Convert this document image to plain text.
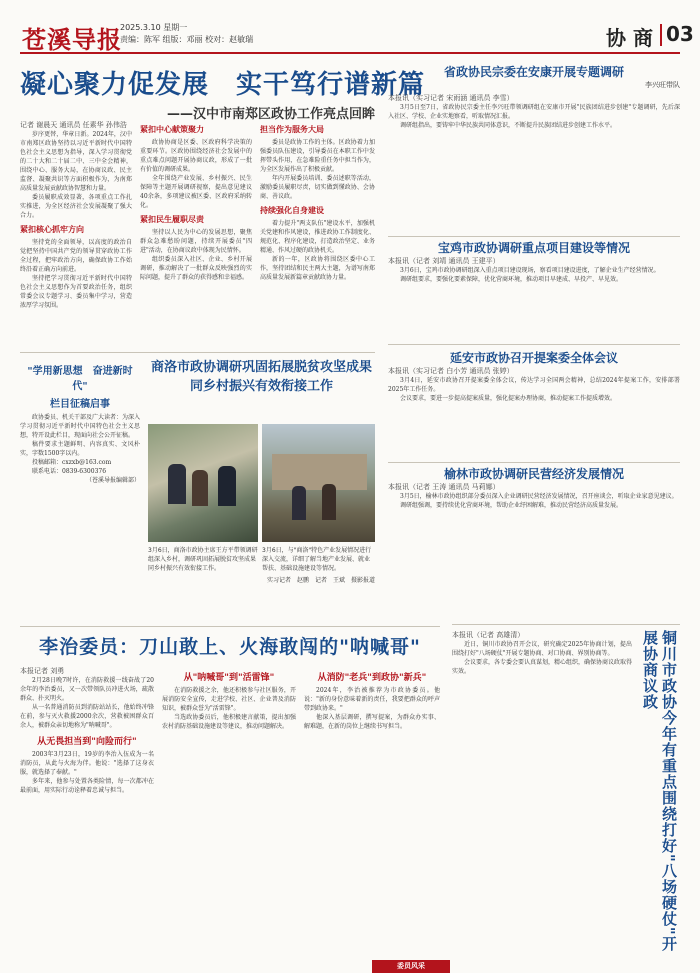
苍溪导报
2025.3.10 星期一
责编：陈军 组版：邓丽 校对：赵敏瑞	协 商 03
凝心聚力促发展　实干笃行谱新篇
——汉中市南郑区政协工作亮点回眸
记者 谢晨天 通讯员 任素华 孙伟浩

岁序更替，华章日新。2024年，汉中市南郑区政协坚持以习近平新时代中国特色社会主义思想为指导，深入学习贯彻党的二十大和二十届二中、三中全会精神，围绕中心、服务大局，在协商议政、民主监督、凝聚共识等方面积极作为，为南郑高质量发展贡献政协智慧和力量。

委员履职成效显著，各项重点工作扎实推进，为全区经济社会发展凝聚了强大合力。

紧扣核心抓牢方向

坚持党的全面领导，以高度的政治自觉把坚持中国共产党的领导贯穿政协工作全过程，把牢政治方向，确保政协工作始终沿着正确方向前进。

坚持把学习贯彻习近平新时代中国特色社会主义思想作为首要政治任务，组织常委会议专题学习、委员集中学习，营造浓厚学习氛围。

紧扣中心献策聚力

政协协商是区委、区政府科学决策的重要环节。区政协围绕经济社会发展中的重点难点问题开展协商议政，形成了一批有价值的调研成果。

全年围绕产业发展、乡村振兴、民生保障等主题开展调研视察，提出意见建议40余条，多项建议被区委、区政府采纳转化。

紧扣民生履职尽责

坚持以人民为中心的发展思想，聚焦群众急难愁盼问题，持续开展委员"四进"活动，在协商议政中体现为民情怀。

组织委员深入社区、企业、乡村开展调研，推动解决了一批群众反映强烈的实际问题，提升了群众的获得感和幸福感。

担当作为服务大局

委员是政协工作的主体。区政协着力加强委员队伍建设，引导委员在本职工作中发挥带头作用，在急难险重任务中担当作为，为全区发展作出了积极贡献。

年内开展委员培训、委员述职等活动，激励委员履职尽责，切实做到懂政协、会协商、善议政。

持续强化自身建设

着力提升"两支队伍"建设水平，加强机关党建和作风建设，推进政协工作制度化、规范化、程序化建设，打造政治坚定、业务精通、作风过硬的政协机关。

新的一年，区政协将围绕区委中心工作，坚持团结和民主两大主题，为谱写南郑高质量发展新篇章贡献政协力量。

"学用新思想　奋进新时代"
栏目征稿启事

政协委员、机关干部及广大读者：为深入学习贯彻习近平新时代中国特色社会主义思想，特开设此栏目，现面向社会公开征稿。

稿件要求主题鲜明、内容真实、文风朴实，字数1500字以内。

投稿邮箱：cxzxb@163.com

联系电话：0839-6300376

（苍溪导报编辑部）

商洛市政协调研巩固拓展脱贫攻坚成果
同乡村振兴有效衔接工作

3月6日，商洛市政协主席王方平带领调研组深入乡村，调研巩固拓展脱贫攻坚成果同乡村振兴有效衔接工作。

3月6日，与"商洛"特色产业发展情况进行深入交流，详细了解当地产业发展、就业帮扶、基础设施建设等情况。

实习记者　赵鹏　记者　王斌　摄影报道

省政协民宗委在安康开展专题调研
李兴旺带队
本报讯（实习记者 宋雨涵 通讯员 李雪）

3月5日至7日，省政协民宗委主任李兴旺带领调研组在安康市开展"民族团结进步创建"专题调研，先后深入社区、学校、企业实地察看，听取情况汇报。

调研组指出，要铸牢中华民族共同体意识，不断提升民族团结进步创建工作水平。

宝鸡市政协调研重点项目建设等情况
本报讯（记者 刘靖 通讯员 王建平）

3月6日，宝鸡市政协调研组深入重点项目建设现场，察看项目建设进度，了解企业生产经营情况。

调研组要求，要强化要素保障，优化营商环境，推动项目早建成、早投产、早见效。

延安市政协召开提案委全体会议
本报讯（实习记者 白小芳 通讯员 张婷）

3月4日，延安市政协召开提案委全体会议，传达学习全国两会精神，总结2024年提案工作，安排部署2025年工作任务。

会议要求，要进一步提高提案质量，强化提案办理协商，推动提案工作提质增效。

榆林市政协调研民营经济发展情况
本报讯（记者 王涛 通讯员 马莉娜）

3月5日，榆林市政协组织部分委员深入企业调研民营经济发展情况，召开座谈会，听取企业家意见建议。

调研组强调，要持续优化营商环境，帮助企业纾困解难，推动民营经济高质量发展。

李治委员：刀山敢上、火海敢闯的"呐喊哥"
本报记者 刘勇

2月28日晚7时许，在消防救援一线奋战了20余年的李治委员，又一次带领队员冲进火场，疏散群众、扑灭明火。

从一名普通消防员到消防站站长，他始终冲锋在前，参与灭火救援2000余次，营救被困群众百余人，被群众亲切地称为"呐喊哥"。

从无畏担当到"向险而行"

2003年3月23日，19岁的李治入伍成为一名消防员，从此与火海为伴。他说："选择了这身衣服，就选择了奉献。"

多年来，他参与处置各类险情，每一次都冲在最前面，用实际行动诠释着忠诚与担当。

从"呐喊哥"到"活雷锋"

在消防救援之余，他还积极参与社区服务，开展消防安全宣传，走进学校、社区、企业普及消防知识，被群众誉为"活雷锋"。

当选政协委员后，他积极建言献策，提出加强农村消防基础设施建设等建议，推动问题解决。

从消防"老兵"到政协"新兵"

2024年，李治被推荐为市政协委员。他说："新的身份意味着新的责任，我要把群众的呼声带到政协来。"

他深入基层调研，撰写提案，为群众办实事、解难题，在新的岗位上继续书写担当。

委员风采
本报讯（记者 高雄清）

近日，铜川市政协召开会议，研究确定2025年协商计划，提出围绕打好"八场硬仗"开展专题协商、对口协商、界别协商等。

会议要求，各专委会要认真谋划，精心组织，确保协商议政取得实效。	铜川市政协今年有重点围绕打好"八场硬仗"开展协商议政
